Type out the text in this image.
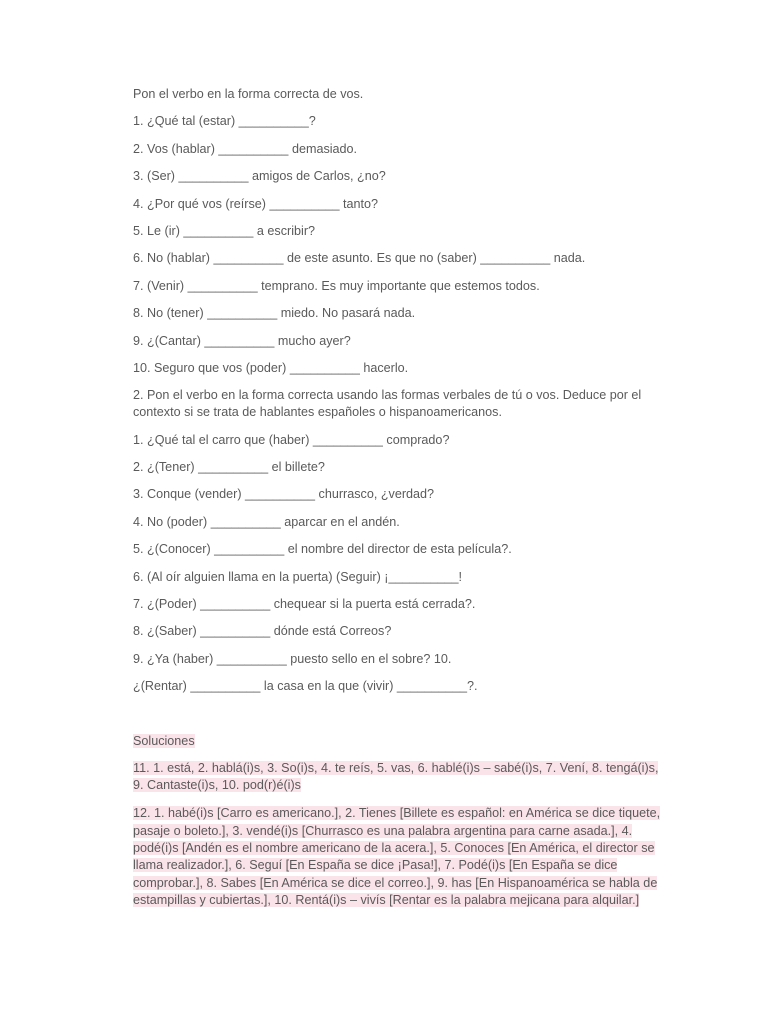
Pon el verbo en la forma correcta de vos.

1. ¿Qué tal (estar) __________?

2. Vos (hablar) __________ demasiado.

3. (Ser) __________ amigos de Carlos, ¿no?

4. ¿Por qué vos (reírse) __________ tanto?

5. Le (ir) __________ a escribir?

6. No (hablar) __________ de este asunto. Es que no (saber) __________ nada.

7. (Venir) __________ temprano. Es muy importante que estemos todos.

8. No (tener) __________ miedo. No pasará nada.

9. ¿(Cantar) __________ mucho ayer?

10. Seguro que vos (poder) __________ hacerlo.

2. Pon el verbo en la forma correcta usando las formas verbales de tú o vos. Deduce por el contexto si se trata de hablantes españoles o hispanoamericanos.

1. ¿Qué tal el carro que (haber) __________ comprado?

2. ¿(Tener) __________ el billete?

3. Conque (vender) __________ churrasco, ¿verdad?

4. No (poder) __________ aparcar en el andén.

5. ¿(Conocer) __________ el nombre del director de esta película?.

6. (Al oír alguien llama en la puerta) (Seguir) ¡__________!

7. ¿(Poder) __________ chequear si la puerta está cerrada?.

8. ¿(Saber) __________ dónde está Correos?

9. ¿Ya (haber) __________ puesto sello en el sobre? 10.

¿(Rentar) __________ la casa en la que (vivir) __________?.

Soluciones

11. 1. está, 2. hablá(i)s, 3. So(i)s, 4. te reís, 5. vas, 6. hablé(i)s – sabé(i)s, 7. Vení, 8. tengá(i)s, 9. Cantaste(i)s, 10. pod(r)é(i)s

12. 1. habé(i)s [Carro es americano.], 2. Tienes [Billete es español: en América se dice tiquete, pasaje o boleto.], 3. vendé(i)s [Churrasco es una palabra argentina para carne asada.], 4. podé(i)s [Andén es el nombre americano de la acera.], 5. Conoces [En América, el director se llama realizador.], 6. Seguí [En España se dice ¡Pasa!], 7. Podé(i)s [En España se dice comprobar.], 8. Sabes [En América se dice el correo.], 9. has [En Hispanoamérica se habla de estampillas y cubiertas.], 10. Rentá(i)s – vivís [Rentar es la palabra mejicana para alquilar.]
